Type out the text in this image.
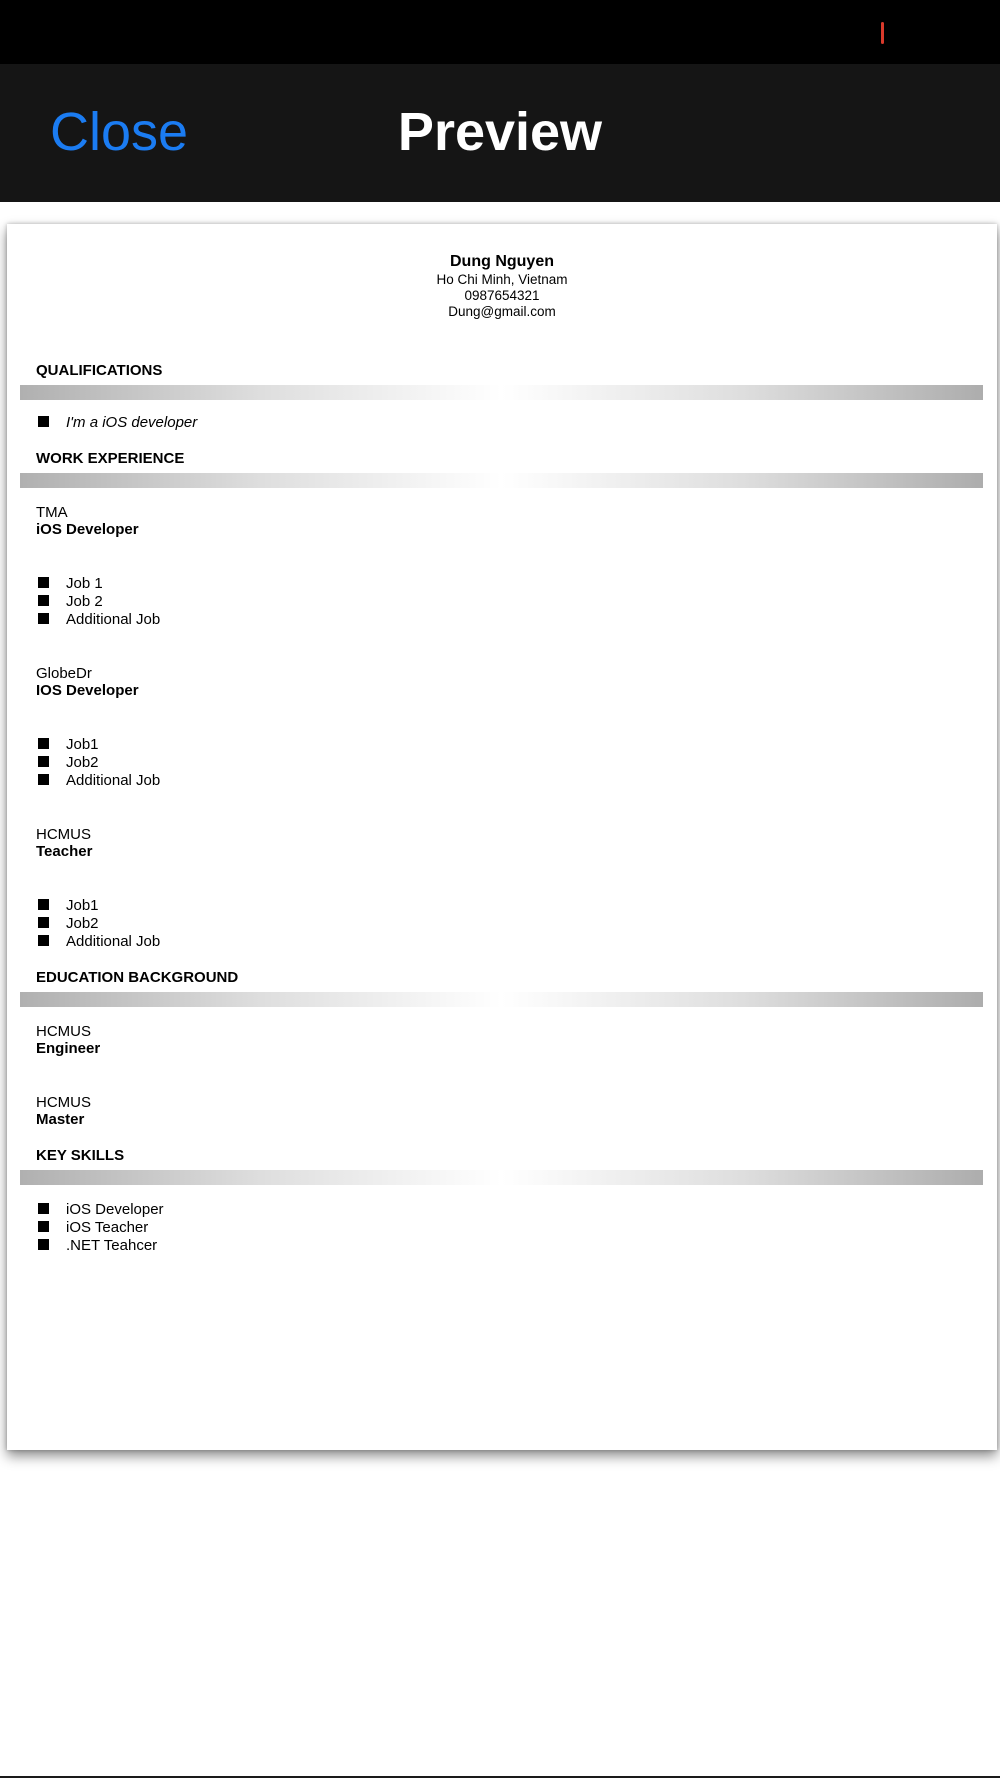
Close	Preview
Dung Nguyen
Ho Chi Minh, Vietnam
0987654321
Dung@gmail.com
QUALIFICATIONS
I'm a iOS developer
WORK EXPERIENCE
TMA
iOS Developer
Job 1
Job 2
Additional Job
GlobeDr
IOS Developer
Job1
Job2
Additional Job
HCMUS
Teacher
Job1
Job2
Additional Job
EDUCATION BACKGROUND
HCMUS
Engineer
HCMUS
Master
KEY SKILLS
iOS Developer
iOS Teacher
.NET Teahcer
